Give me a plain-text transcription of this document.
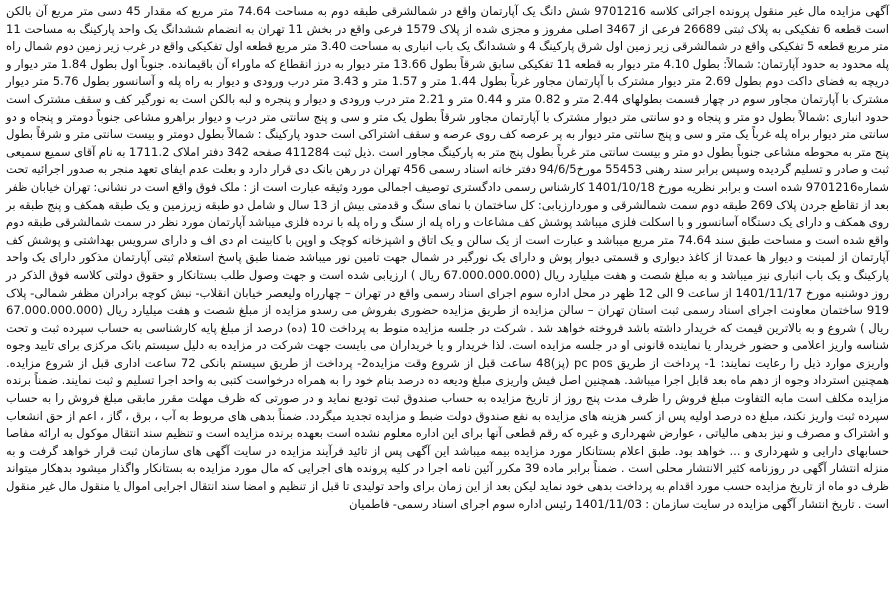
آگهی مزایده مال غیر منقول پرونده اجرائی کلاسه 9701216 شش دانگ یک آپارتمان واقع در شمالشرقی طبقه دوم به مساحت 74.64 متر مربع که مقدار 45 دسی متر مربع آن بالکن است قطعه 6 تفکیکی به پلاک ثبتی 26689 فرعی از 3467 اصلی مفروز و مجزی شده از پلاک 1579 فرعی واقع در بخش 11 تهران به انضمام ششدانگ یک واحد پارکینگ به مساحت 11 متر مربع قطعه 5 تفکیکی واقع در شمالشرقی زیر زمین اول شرق پارکینگ 4 و ششدانگ یک باب انباری به مساحت 3.40 متر مربع قطعه اول تفکیکی واقع در غرب زیر زمین دوم شمال راه پله محدود به حدود آپارتمان: شمالاً: بطول 4.10 متر دیوار به قطعه 11 تفکیکی سابق شرقاً بطول 13.66 متر دیوار به درز انقطاع که ماوراء آن باقیمانده. جنوباً اول بطول 1.84 متر دیوار و دریچه به فضای داکت دوم بطول 2.69 متر دیوار مشترک با آپارتمان مجاور غرباً بطول 1.44 متر و 1.57 متر و 3.43 متر درب ورودی و دیوار به راه پله و آسانسور بطول 5.76 متر دیوار مشترک با آپارتمان مجاور سوم در چهار قسمت بطولهای 2.44 متر و 0.82 متر و 0.44 متر و 2.21 متر درب ورودی و دیوار و پنجره و لبه بالکن است به نورگیر کف و سقف مشترک است حدود انباری :شمالاً بطول دو متر و پنجاه و دو سانتی متر دیوار مشترک با آپارتمان مجاور شرقاً بطول یک متر و سی و پنج سانتی متر درب و دیوار براهرو مشاعی جنوباً دومتر و پنجاه و دو سانتی متر دیوار براه پله غرباً یک متر و سی و پنج سانتی متر دیوار به پر عرصه کف روی عرصه و سقف اشتراکی است حدود پارکینگ : شمالاً بطول دومتر و بیست سانتی متر و شرقاً بطول پنج متر به محوطه مشاعی جنوباً بطول دو متر و بیست سانتی متر غرباً بطول پنج متر به پارکینگ مجاور است .ذیل ثبت 411284 صفحه 342 دفتر املاک 1711.2 به نام آقای سمیع سمیعی ثبت و صادر و تسلیم گردیده وسپس برابر سند رهنی 55453 مورخ94/6/5 دفتر خانه اسناد رسمی 456 تهران در رهن بانک دی قرار دارد و بعلت عدم ایفای تعهد منجر به صدور اجرائیه تحت شماره9701216 شده است و برابر نظریه مورخ 1401/10/18 کارشناس رسمی دادگستری توصیف اجمالی مورد وثیقه عبارت است از : ملک فوق واقع است در نشانی: تهران خیابان ظفر بعد از تقاطع جردن پلاک 269 طبقه دوم سمت شمالشرقی و موردارزیابی: کل ساختمان با نمای سنگ و قدمتی بیش از 13 سال و شامل دو طبقه زیرزمین و یک طبقه همکف و پنج طبقه بر روی همکف و دارای یک دستگاه آسانسور و با اسکلت فلزی میباشد پوشش کف مشاعات و راه پله از سنگ و راه پله با نرده فلزی میباشد آپارتمان مورد نظر در سمت شمالشرقی طبقه دوم واقع شده است و مساحت طبق سند 74.64 متر مربع میباشد و عبارت است از یک سالن و یک اتاق و اشپزخانه کوچک و اوپن با کابینت ام دی اف و دارای سرویس بهداشتی و پوشش کف آپارتمان از لمینت و دیوار ها عمدتا از کاغذ دیواری و قسمتی دیوار پوش و دارای یک نورگیر در شمال جهت تامین نور میباشد ضمنا طبق پاسخ استعلام ثبتی آپارتمان مذکور دارای یک واحد پارکینگ و یک باب انباری نیز میباشد و به مبلغ شصت و هفت میلیارد ریال (67.000.000.000 ریال ) ارزیابی شده است و جهت وصول طلب بستانکار و حقوق دولتی کلاسه فوق الذکر در روز دوشنبه مورخ 1401/11/17 از ساعت 9 الی 12 ظهر در محل اداره سوم اجرای اسناد رسمی واقع در تهران – چهارراه ولیعصر خیابان انقلاب- نبش کوچه برادران مظفر شمالی- پلاک 919 ساختمان معاونت اجرای اسناد رسمی ثبت استان تهران – سالن مزایده از طریق مزایده حضوری بفروش می رسدو مزایده از مبلغ شصت و هفت میلیارد ریال (67.000.000.000 ریال ) شروع و به بالاترین قیمت که خریدار داشته باشد فروخته خواهد شد . شرکت در جلسه مزایده منوط به پرداخت 10 (ده) درصد از مبلغ پایه کارشناسی به حساب سپرده ثبت و تحت شناسه واریز اعلامی و حضور خریدار یا نماینده قانونی او در جلسه مزایده است. لذا خریدار و یا خریداران می بایست جهت شرکت در مزایده به دلیل سیستم بانک مرکزی برای تایید وجوه واریزی موارد ذیل را رعایت نمایند: 1- پرداخت از طریق pc pos (پز)48 ساعت قبل از شروع وقت مزایده2- پرداخت از طریق سیستم بانکی 72 ساعت اداری قبل از شروع مزایده. همچنین استرداد وجوه از دهم ماه بعد قابل اجرا میباشد. همچنین اصل فیش واریزی مبلغ ودیعه ده درصد بنام خود را به همراه درخواست کتبی به واحد اجرا تسلیم و ثبت نمایند. ضمناً برنده مزایده مکلف است مابه التفاوت مبلغ فروش را ظرف مدت پنج روز از تاریخ مزایده به حساب صندوق ثبت تودیع نماید و در صورتی که ظرف مهلت مقرر مابقی مبلغ فروش را به حساب سپرده ثبت واریز نکند، مبلغ ده درصد اولیه پس از کسر هزینه های مزایده به نفع صندوق دولت ضبط و مزایده تجدید میگردد. ضمناً بدهی های مربوط به آب ، برق ، گاز ، اعم از حق انشعاب و اشتراک و مصرف و نیز بدهی مالیاتی ، عوارض شهرداری و غیره که رقم قطعی آنها برای این اداره معلوم نشده است بعهده برنده مزایده است و تنظیم سند انتقال موکول به ارائه مفاصا حسابهای دارایی و شهرداری و ... خواهد بود. طبق اعلام بستانکار مورد مزایده بیمه میباشد این آگهی پس از تائید فرآیند مزایده در سایت آگهی های سازمان ثبت قرار خواهد گرفت و به منزله انتشار آگهی در روزنامه کثیر الانتشار محلی است . ضمناً برابر ماده 39 مکرر آئین نامه اجرا در کلیه پرونده های اجرایی که مال مورد مزایده به بستانکار واگذار میشود بدهکار میتواند ظرف دو ماه از تاریخ مزایده حسب مورد اقدام به پرداخت بدهی خود نماید لیکن بعد از این زمان برای واحد تولیدی تا قبل از تنظیم و امضا سند انتقال اجرایی اموال یا منقول مال غیر منقول است . تاریخ انتشار آگهی مزایده در سایت سازمان : 1401/11/03 رئیس اداره سوم اجرای اسناد رسمی- فاطمیان
